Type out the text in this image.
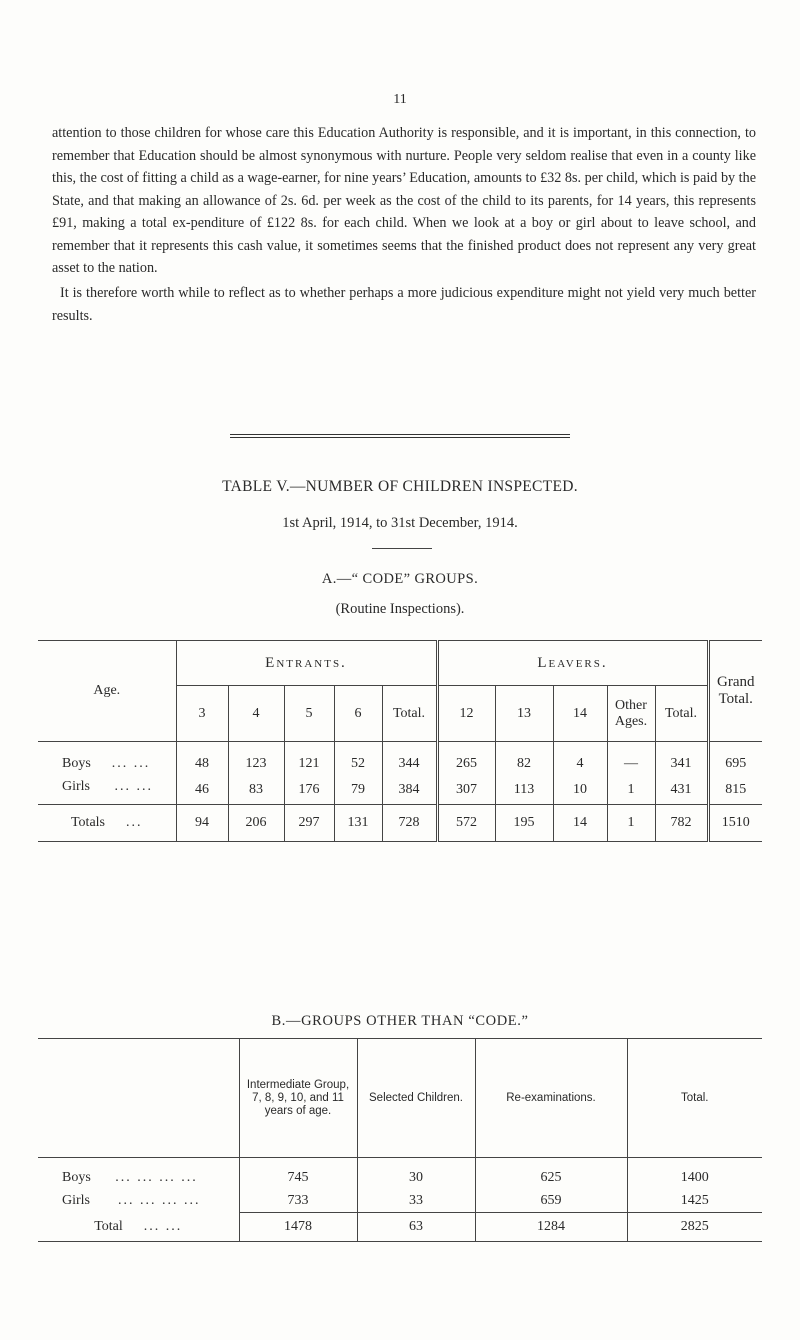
11

attention to those children for whose care this Education Authority is responsible, and it is important, in this connection, to remember that Education should be almost synonymous with nurture. People very seldom realise that even in a county like this, the cost of fitting a child as a wage-earner, for nine years’ Education, amounts to £32 8s. per child, which is paid by the State, and that making an allowance of 2s. 6d. per week as the cost of the child to its parents, for 14 years, this represents £91, making a total ex-penditure of £122 8s. for each child. When we look at a boy or girl about to leave school, and remember that it represents this cash value, it sometimes seems that the finished product does not represent any very great asset to the nation.

It is therefore worth while to reflect as to whether perhaps a more judicious expenditure might not yield very much better results.

TABLE V.—NUMBER OF CHILDREN INSPECTED.

1st April, 1914, to 31st December, 1914.

A.—“ CODE” GROUPS.

(Routine Inspections).

Age.	Entrants.					Leavers.					Grand Total.
	3	4	5	6	Total.	12	13	14	Other Ages.	Total.	
Boys ... ...	48	123	121	52	344	265	82	4	—	341	695
Girls ... ...	46	83	176	79	384	307	113	10	1	431	815
Totals ...	94	206	297	131	728	572	195	14	1	782	1510

B.—GROUPS OTHER THAN “CODE.”

	Intermediate Group, 7, 8, 9, 10, and 11 years of age.	Selected Children.	Re-examinations.	Total.
Boys ... ... ... ...	745	30	625	1400
Girls ... ... ... ...	733	33	659	1425
Total ... ...	1478	63	1284	2825
